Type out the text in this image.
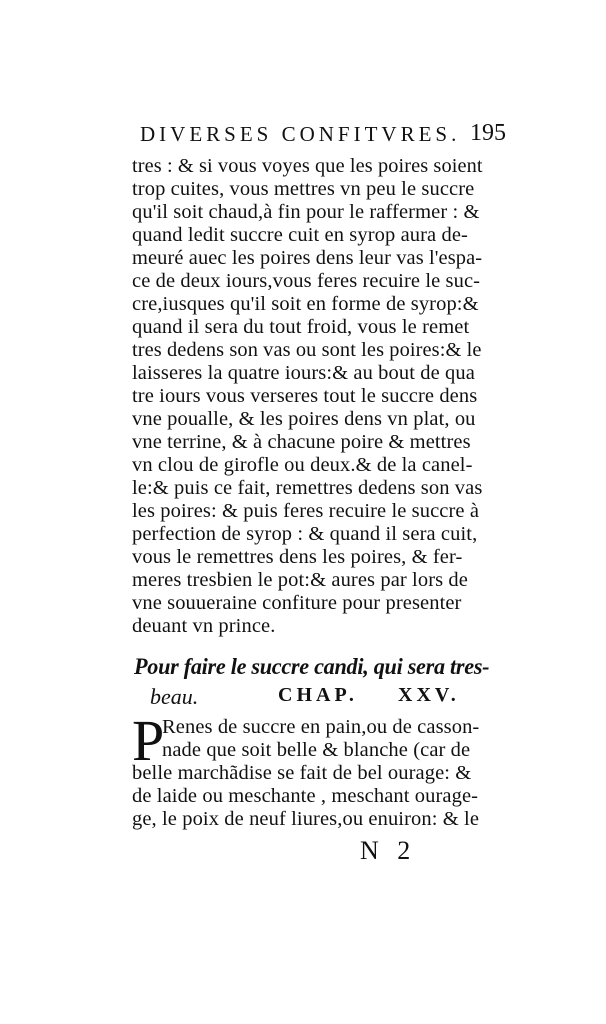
DIVERSES CONFITVRES. 195
tres : & si vous voyes que les poires soient
trop cuites, vous mettres vn peu le succre
qu'il soit chaud,à fin pour le raffermer : &
quand ledit succre cuit en syrop aura de-
meuré auec les poires dens leur vas l'espa-
ce de deux iours,vous feres recuire le suc-
cre,iusques qu'il soit en forme de syrop:&
quand il sera du tout froid, vous le remet
tres dedens son vas ou sont les poires:& le
laisseres la quatre iours:& au bout de qua
tre iours vous verseres tout le succre dens
vne poualle, & les poires dens vn plat, ou
vne terrine, & à chacune poire & mettres
vn clou de girofle ou deux.& de la canel-
le:& puis ce fait, remettres dedens son vas
les poires: & puis feres recuire le succre à
perfection de syrop : & quand il sera cuit,
vous le remettres dens les poires, & fer-
meres tresbien le pot:& aures par lors de
vne souueraine confiture pour presenter
deuant vn prince.
Pour faire le succre candi, qui sera tres-
beau.	CHAP. XXV.
P
Renes de succre en pain,ou de casson-
nade que soit belle & blanche (car de
belle marchãdise se fait de bel ourage: &
de laide ou meschante , meschant ourage-
ge, le poix de neuf liures,ou enuiron: & le
N 2
